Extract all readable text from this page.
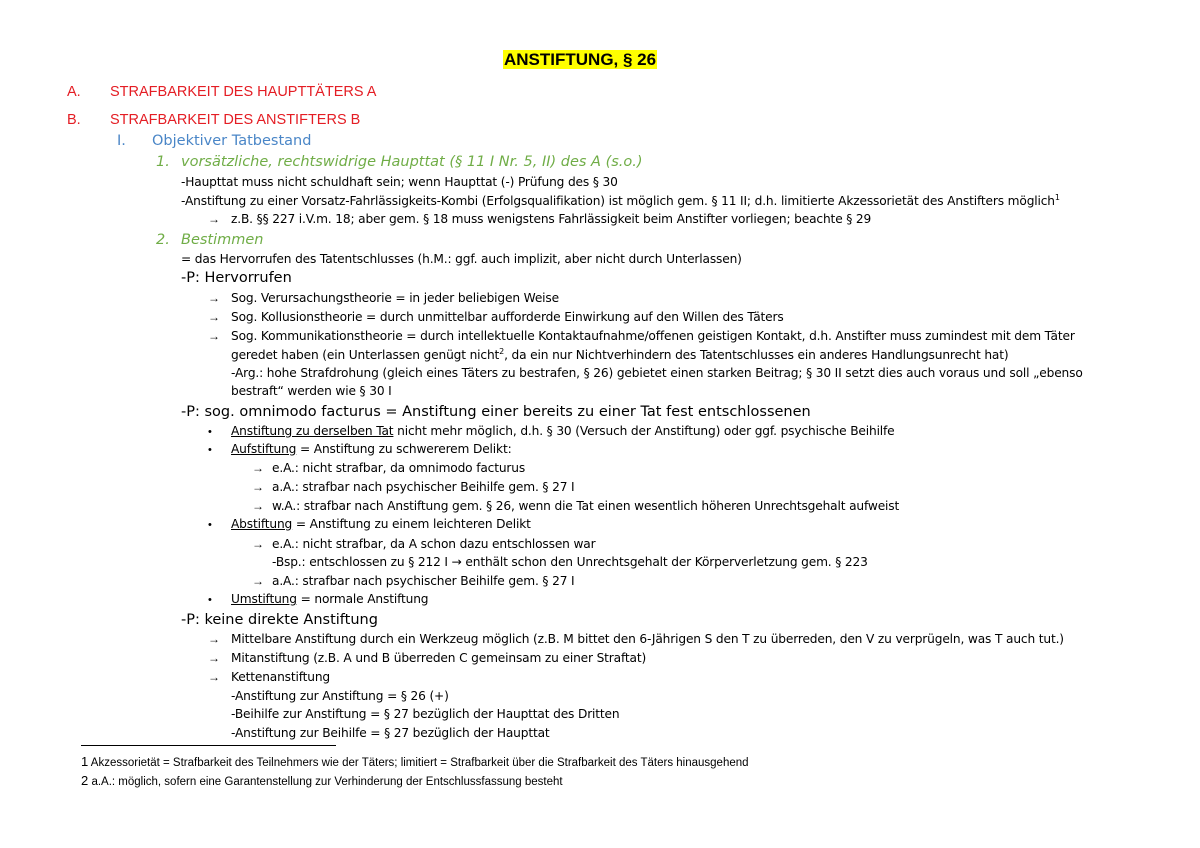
ANSTIFTUNG, § 26
A. STRAFBARKEIT DES HAUPTTÄTERS A
B. STRAFBARKEIT DES ANSTIFTERS B
I. Objektiver Tatbestand
1. vorsätzliche, rechtswidrige Haupttat (§ 11 I Nr. 5, II) des A (s.o.)
-Haupttat muss nicht schuldhaft sein; wenn Haupttat (-) Prüfung des § 30
-Anstiftung zu einer Vorsatz-Fahrlässigkeits-Kombi (Erfolgsqualifikation) ist möglich gem. § 11 II; d.h. limitierte Akzessorietät des Anstifters möglich$^1$
→ z.B. §§ 227 i.V.m. 18; aber gem. § 18 muss wenigstens Fahrlässigkeit beim Anstifter vorliegen; beachte § 29
2. Bestimmen
= das Hervorrufen des Tatentschlusses (h.M.: ggf. auch implizit, aber nicht durch Unterlassen)
-P: Hervorrufen
→ Sog. Verursachungstheorie = in jeder beliebigen Weise
→ Sog. Kollusionstheorie = durch unmittelbar aufforderde Einwirkung auf den Willen des Täters
→ Sog. Kommunikationstheorie = durch intellektuelle Kontaktaufnahme/offenen geistigen Kontakt, d.h. Anstifter muss zumindest mit dem Täter
geredet haben (ein Unterlassen genügt nicht$^2$, da ein nur Nichtverhindern des Tatentschlusses ein anderes Handlungsunrecht hat)
-Arg.: hohe Strafdrohung (gleich eines Täters zu bestrafen, § 26) gebietet einen starken Beitrag; § 30 II setzt dies auch voraus und soll „ebenso
bestraft“ werden wie § 30 I
-P: sog. omnimodo facturus = Anstiftung einer bereits zu einer Tat fest entschlossenen
• Anstiftung zu derselben Tat nicht mehr möglich, d.h. § 30 (Versuch der Anstiftung) oder ggf. psychische Beihilfe
• Aufstiftung = Anstiftung zu schwererem Delikt:
→ e.A.: nicht strafbar, da omnimodo facturus
→ a.A.: strafbar nach psychischer Beihilfe gem. § 27 I
→ w.A.: strafbar nach Anstiftung gem. § 26, wenn die Tat einen wesentlich höheren Unrechtsgehalt aufweist
• Abstiftung = Anstiftung zu einem leichteren Delikt
→ e.A.: nicht strafbar, da A schon dazu entschlossen war
-Bsp.: entschlossen zu § 212 I → enthält schon den Unrechtsgehalt der Körperverletzung gem. § 223
→ a.A.: strafbar nach psychischer Beihilfe gem. § 27 I
• Umstiftung = normale Anstiftung
-P: keine direkte Anstiftung
→ Mittelbare Anstiftung durch ein Werkzeug möglich (z.B. M bittet den 6-Jährigen S den T zu überreden, den V zu verprügeln, was T auch tut.)
→ Mitanstiftung (z.B. A und B überreden C gemeinsam zu einer Straftat)
→ Kettenanstiftung
-Anstiftung zur Anstiftung = § 26 (+)
-Beihilfe zur Anstiftung = § 27 bezüglich der Haupttat des Dritten
-Anstiftung zur Beihilfe = § 27 bezüglich der Haupttat
1 Akzessorietät = Strafbarkeit des Teilnehmers wie der Täters; limitiert = Strafbarkeit über die Strafbarkeit des Täters hinausgehend
2 a.A.: möglich, sofern eine Garantenstellung zur Verhinderung der Entschlussfassung besteht
